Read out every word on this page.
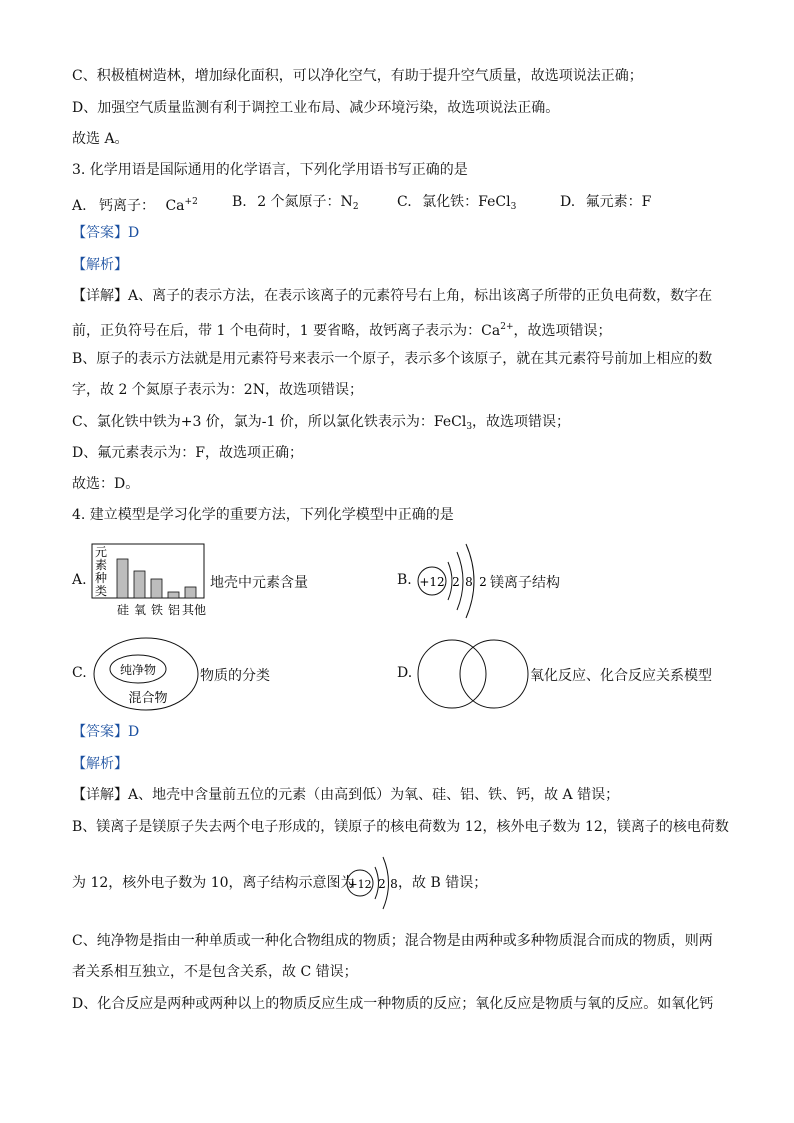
C、积极植树造林，增加绿化面积，可以净化空气，有助于提升空气质量，故选项说法正确；
D、加强空气质量监测有利于调控工业布局、减少环境污染，故选项说法正确。
故选 A。
3. 化学用语是国际通用的化学语言，下列化学用语书写正确的是
A. 钙离子： $Ca^{+2}$ B. 2 个氮原子：$N_2$	C. 氯化铁：FeCl$_3$	D. 氟元素：F
【答案】D
【解析】
【详解】A、离子的表示方法，在表示该离子的元素符号右上角，标出该离子所带的正负电荷数，数字在
前，正负符号在后，带 1 个电荷时，1 要省略，故钙离子表示为：$Ca^{2+}$，故选项错误；
B、原子的表示方法就是用元素符号来表示一个原子，表示多个该原子，就在其元素符号前加上相应的数
字，故 2 个氮原子表示为：2N，故选项错误；
C、氯化铁中铁为+3 价，氯为-1 价，所以氯化铁表示为：FeCl$_3$，故选项错误；
D、氟元素表示为：F，故选项正确；
故选：D。
4. 建立模型是学习化学的重要方法，下列化学模型中正确的是
A.
元
素
种
类
硅 氧 铁 铝 其他
地壳中元素含量	B. +12 2 8 2 镁离子结构
C.	纯净物
混合物
物质的分类	D.	氧化反应、化合反应关系模型
【答案】D
【解析】
【详解】A、地壳中含量前五位的元素（由高到低）为氧、硅、铝、铁、钙，故 A 错误；
B、镁离子是镁原子失去两个电子形成的，镁原子的核电荷数为 12，核外电子数为 12，镁离子的核电荷数
为 12，核外电子数为 10，离子结构示意图为
+12 2 8 ，故 B 错误；
C、纯净物是指由一种单质或一种化合物组成的物质；混合物是由两种或多种物质混合而成的物质，则两
者关系相互独立，不是包含关系，故 C 错误；
D、化合反应是两种或两种以上的物质反应生成一种物质的反应；氧化反应是物质与氧的反应。如氧化钙
